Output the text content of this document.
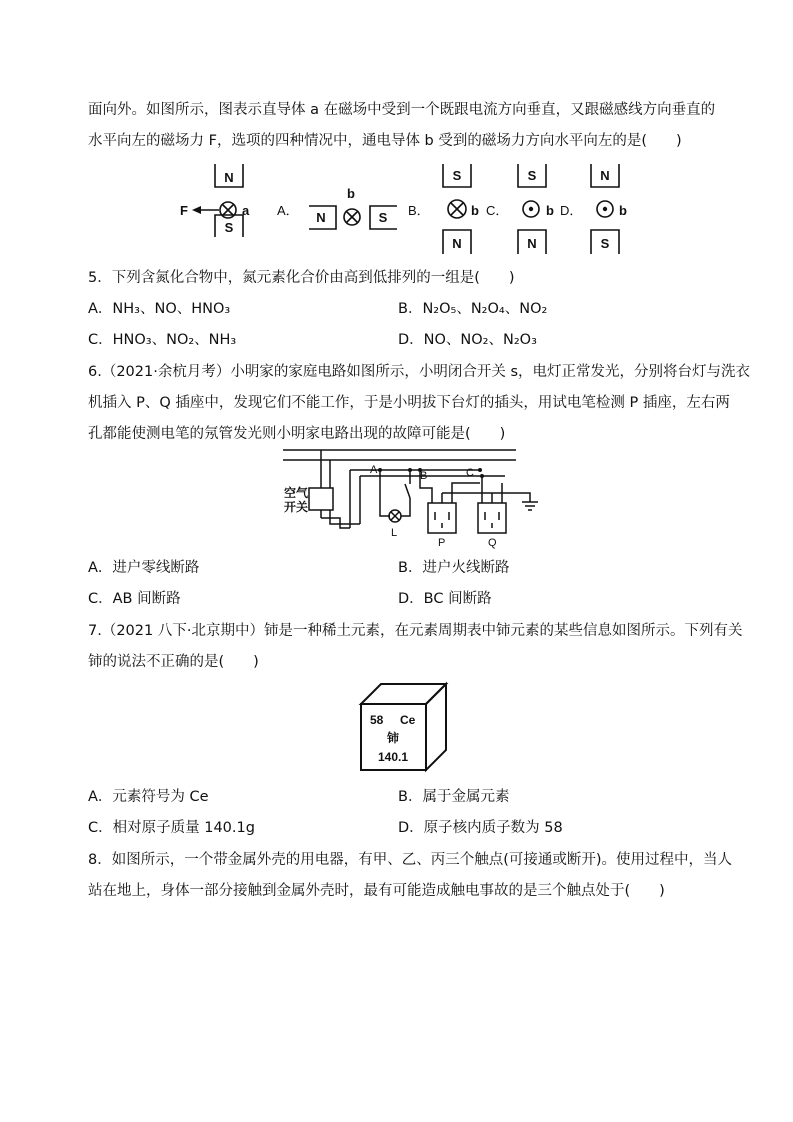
面向外。如图所示，图表示直导体 a 在磁场中受到一个既跟电流方向垂直，又跟磁感线方向垂直的
水平向左的磁场力 F，选项的四种情况中，通电导体 b 受到的磁场力方向水平向左的是(　　)
N
S
F	a A． N	S
b
B．
S
N
b C．
S
N
b D．
N
S
b
5．下列含氮化合物中，氮元素化合价由高到低排列的一组是(　　)
A．NH₃、NO、HNO₃	B．N₂O₅、N₂O₄、NO₂
C．HNO₃、NO₂、NH₃	D．NO、NO₂、N₂O₃
6.（2021·余杭月考）小明家的家庭电路如图所示，小明闭合开关 s，电灯正常发光，分别将台灯与洗衣
机插入 P、Q 插座中，发现它们不能工作，于是小明拔下台灯的插头，用试电笔检测 P 插座，左右两
孔都能使测电笔的氖管发光则小明家电路出现的故障可能是(　　)
空气
开关
A	B	C
L
P	Q
A．进户零线断路	B．进户火线断路
C．AB 间断路	D．BC 间断路
7.（2021 八下·北京期中）铈是一种稀土元素，在元素周期表中铈元素的某些信息如图所示。下列有关
铈的说法不正确的是(　　)
58 Ce
铈
140.1
A．元素符号为 Ce	B．属于金属元素
C．相对原子质量 140.1g	D．原子核内质子数为 58
8．如图所示，一个带金属外壳的用电器，有甲、乙、丙三个触点(可接通或断开)。使用过程中，当人
站在地上，身体一部分接触到金属外壳时，最有可能造成触电事故的是三个触点处于(　　)
